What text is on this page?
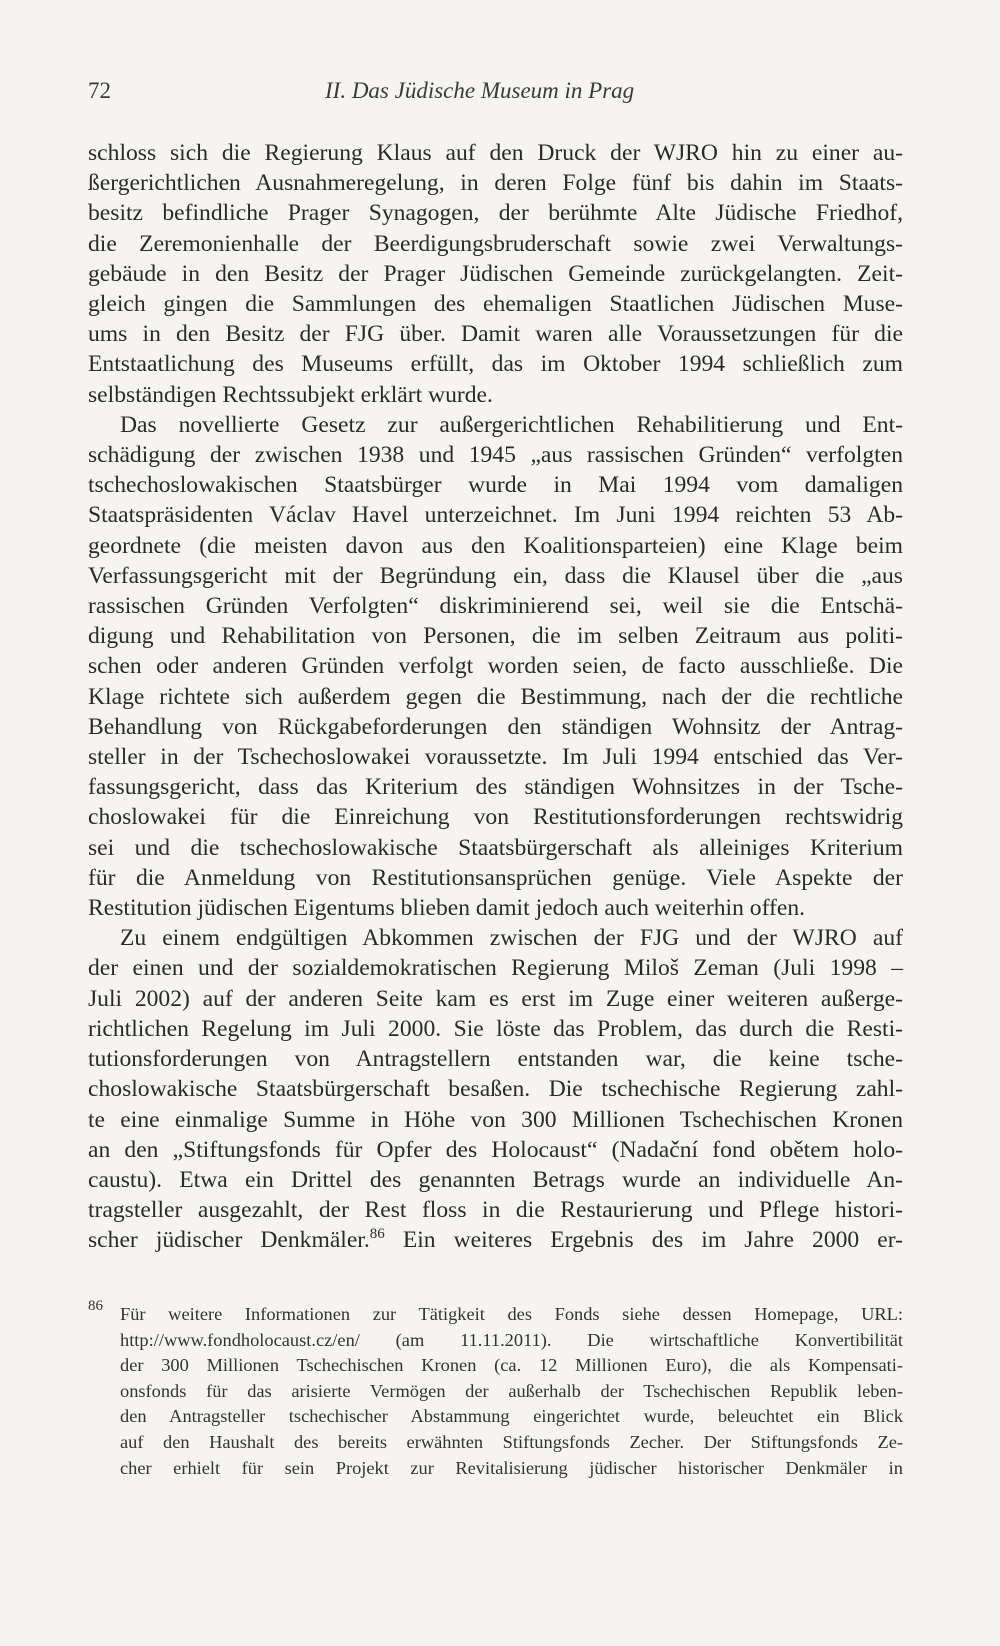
72	II. Das Jüdische Museum in Prag
schloss sich die Regierung Klaus auf den Druck der WJRO hin zu einer au-
ßergerichtlichen Ausnahmeregelung, in deren Folge fünf bis dahin im Staats-
besitz befindliche Prager Synagogen, der berühmte Alte Jüdische Friedhof,
die Zeremonienhalle der Beerdigungsbruderschaft sowie zwei Verwaltungs-
gebäude in den Besitz der Prager Jüdischen Gemeinde zurückgelangten. Zeit-
gleich gingen die Sammlungen des ehemaligen Staatlichen Jüdischen Muse-
ums in den Besitz der FJG über. Damit waren alle Voraussetzungen für die
Entstaatlichung des Museums erfüllt, das im Oktober 1994 schließlich zum
selbständigen Rechtssubjekt erklärt wurde.
Das novellierte Gesetz zur außergerichtlichen Rehabilitierung und Ent-
schädigung der zwischen 1938 und 1945 „aus rassischen Gründen“ verfolgten
tschechoslowakischen Staatsbürger wurde in Mai 1994 vom damaligen
Staatspräsidenten Václav Havel unterzeichnet. Im Juni 1994 reichten 53 Ab-
geordnete (die meisten davon aus den Koalitionsparteien) eine Klage beim
Verfassungsgericht mit der Begründung ein, dass die Klausel über die „aus
rassischen Gründen Verfolgten“ diskriminierend sei, weil sie die Entschä-
digung und Rehabilitation von Personen, die im selben Zeitraum aus politi-
schen oder anderen Gründen verfolgt worden seien, de facto ausschließe. Die
Klage richtete sich außerdem gegen die Bestimmung, nach der die rechtliche
Behandlung von Rückgabeforderungen den ständigen Wohnsitz der Antrag-
steller in der Tschechoslowakei voraussetzte. Im Juli 1994 entschied das Ver-
fassungsgericht, dass das Kriterium des ständigen Wohnsitzes in der Tsche-
choslowakei für die Einreichung von Restitutionsforderungen rechtswidrig
sei und die tschechoslowakische Staatsbürgerschaft als alleiniges Kriterium
für die Anmeldung von Restitutionsansprüchen genüge. Viele Aspekte der
Restitution jüdischen Eigentums blieben damit jedoch auch weiterhin offen.
Zu einem endgültigen Abkommen zwischen der FJG und der WJRO auf
der einen und der sozialdemokratischen Regierung Miloš Zeman (Juli 1998 –
Juli 2002) auf der anderen Seite kam es erst im Zuge einer weiteren außerge-
richtlichen Regelung im Juli 2000. Sie löste das Problem, das durch die Resti-
tutionsforderungen von Antragstellern entstanden war, die keine tsche-
choslowakische Staatsbürgerschaft besaßen. Die tschechische Regierung zahl-
te eine einmalige Summe in Höhe von 300 Millionen Tschechischen Kronen
an den „Stiftungsfonds für Opfer des Holocaust“ (Nadační fond obětem holo-
caustu). Etwa ein Drittel des genannten Betrags wurde an individuelle An-
tragsteller ausgezahlt, der Rest floss in die Restaurierung und Pflege histori-
scher jüdischer Denkmäler.$^{86}$ Ein weiteres Ergebnis des im Jahre 2000 er-
86 Für weitere Informationen zur Tätigkeit des Fonds siehe dessen Homepage, URL:
http://www.fondholocaust.cz/en/ (am 11.11.2011). Die wirtschaftliche Konvertibilität
der 300 Millionen Tschechischen Kronen (ca. 12 Millionen Euro), die als Kompensati-
onsfonds für das arisierte Vermögen der außerhalb der Tschechischen Republik leben-
den Antragsteller tschechischer Abstammung eingerichtet wurde, beleuchtet ein Blick
auf den Haushalt des bereits erwähnten Stiftungsfonds Zecher. Der Stiftungsfonds Ze-
cher erhielt für sein Projekt zur Revitalisierung jüdischer historischer Denkmäler in
